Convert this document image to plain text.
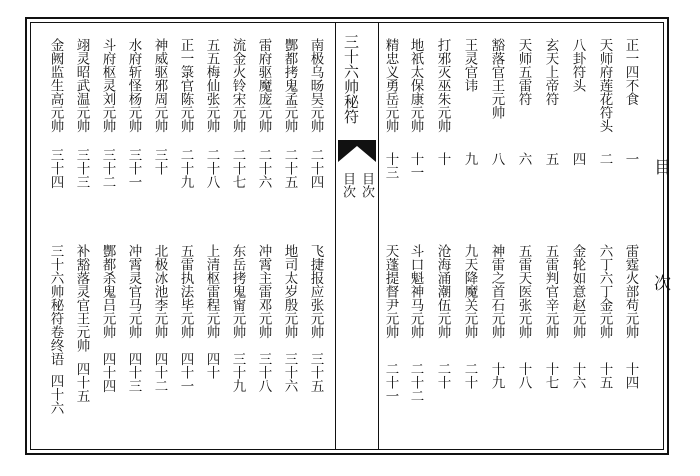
目
次
三十六帅秘符
目次
目次
正一四不食
一
天师府莲花符头
二
八卦符头
四
玄天上帝符
五
天师五雷符
六
豁落官王元帅
八
王灵官讳
九
打邪灭巫朱元帅
十
地祇太保康元帅
十一
精忠义勇岳元帅
十三
雷霆火部苟元帅
十四
六丁六丁金元帅
十五
金轮如意赵元帅
十六
五雷判官辛元帅
十七
五雷天医张元帅
十八
神雷之首石元帅
十九
九天降魔关元帅
二十
沧海涌潮伍元帅
二十
斗口魁神马元帅
二十二
天蓬提督尹元帅
二十一
南极乌旸吴元帅
二十四
酆都拷鬼孟元帅
二十五
雷府驱魔庞元帅
二十六
流金火铃宋元帅
二十七
五五梅仙张元帅
二十八
正一箓官陈元帅
二十九
神威驱邪周元帅
三十
水府斩怪杨元帅
三十一
斗府枢灵刘元帅
三十二
翊灵昭武温元帅
三十三
金阙监生高元帅
三十四
飞捷报应张元帅
三十五
地司太岁殷元帅
三十六
冲霄主雷邓元帅
三十八
东岳拷鬼甯元帅
三十九
上清枢雷程元帅
四十
五雷执法毕元帅
四十一
北极冰池李元帅
四十二
冲霄灵官马元帅
四十三
酆都杀鬼吕元帅
四十四
补豁落灵官王元帅
四十五
三十六帅秘符卷终语
四十六
